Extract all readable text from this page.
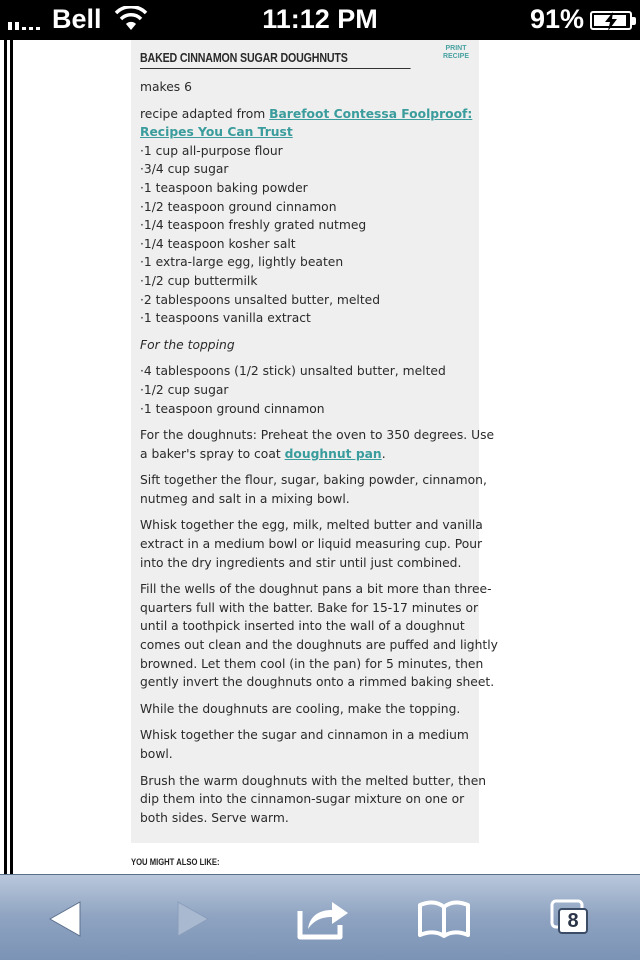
Bell	11:12 PM	91%
BAKED CINNAMON SUGAR DOUGHNUTS
PRINT
RECIPE
makes 6
recipe adapted from Barefoot Contessa Foolproof:
Recipes You Can Trust
·1 cup all-purpose flour
·3/4 cup sugar
·1 teaspoon baking powder
·1/2 teaspoon ground cinnamon
·1/4 teaspoon freshly grated nutmeg
·1/4 teaspoon kosher salt
·1 extra-large egg, lightly beaten
·1/2 cup buttermilk
·2 tablespoons unsalted butter, melted
·1 teaspoons vanilla extract
For the topping
·4 tablespoons (1/2 stick) unsalted butter, melted
·1/2 cup sugar
·1 teaspoon ground cinnamon
For the doughnuts: Preheat the oven to 350 degrees. Use
a baker's spray to coat doughnut pan.
Sift together the flour, sugar, baking powder, cinnamon,
nutmeg and salt in a mixing bowl.
Whisk together the egg, milk, melted butter and vanilla
extract in a medium bowl or liquid measuring cup. Pour
into the dry ingredients and stir until just combined.
Fill the wells of the doughnut pans a bit more than three-
quarters full with the batter. Bake for 15-17 minutes or
until a toothpick inserted into the wall of a doughnut
comes out clean and the doughnuts are puffed and lightly
browned. Let them cool (in the pan) for 5 minutes, then
gently invert the doughnuts onto a rimmed baking sheet.
While the doughnuts are cooling, make the topping.
Whisk together the sugar and cinnamon in a medium
bowl.
Brush the warm doughnuts with the melted butter, then
dip them into the cinnamon-sugar mixture on one or
both sides. Serve warm.
YOU MIGHT ALSO LIKE:
8
